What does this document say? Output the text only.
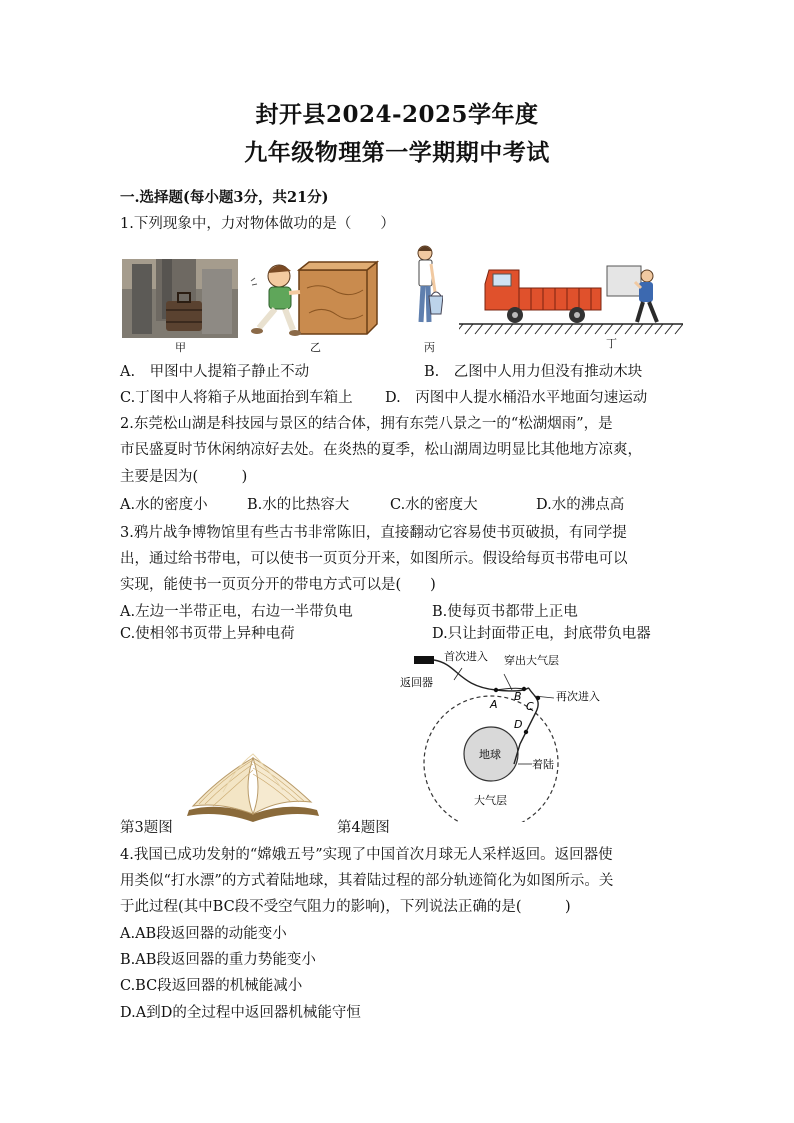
封开县2024-2025学年度
九年级物理第一学期期中考试
一.选择题(每小题3分，共21分)
1.下列现象中，力对物体做功的是（　　）
甲	乙	丙	丁
A.　甲图中人提箱子静止不动	B.　乙图中人用力但没有推动木块
C.丁图中人将箱子从地面抬到车箱上 D.　丙图中人提水桶沿水平地面匀速运动
2.东莞松山湖是科技园与景区的结合体，拥有东莞八景之一的“松湖烟雨”，是
市民盛夏时节休闲纳凉好去处。在炎热的夏季，松山湖周边明显比其他地方凉爽，
主要是因为(　　　)
A.水的密度小	B.水的比热容大	C.水的密度大	D.水的沸点高
3.鸦片战争博物馆里有些古书非常陈旧，直接翻动它容易使书页破损，有同学提
出，通过给书带电，可以使书一页页分开来，如图所示。假设给每页书带电可以
实现，能使书一页页分开的带电方式可以是(　　)
A.左边一半带正电，右边一半带负电	B.使每页书都带上正电
C.使相邻书页带上异种电荷	D.只让封面带正电，封底带负电器
返回器
首次进入 穿出大气层
再次进入
地球
着陆
大气层
A
B
C
D
第3题图	第4题图
4.我国已成功发射的“嫦娥五号”实现了中国首次月球无人采样返回。返回器使
用类似“打水漂”的方式着陆地球，其着陆过程的部分轨迹简化为如图所示。关
于此过程(其中BC段不受空气阻力的影响)，下列说法正确的是(　　　)
A.AB段返回器的动能变小
B.AB段返回器的重力势能变小
C.BC段返回器的机械能减小
D.A到D的全过程中返回器机械能守恒
